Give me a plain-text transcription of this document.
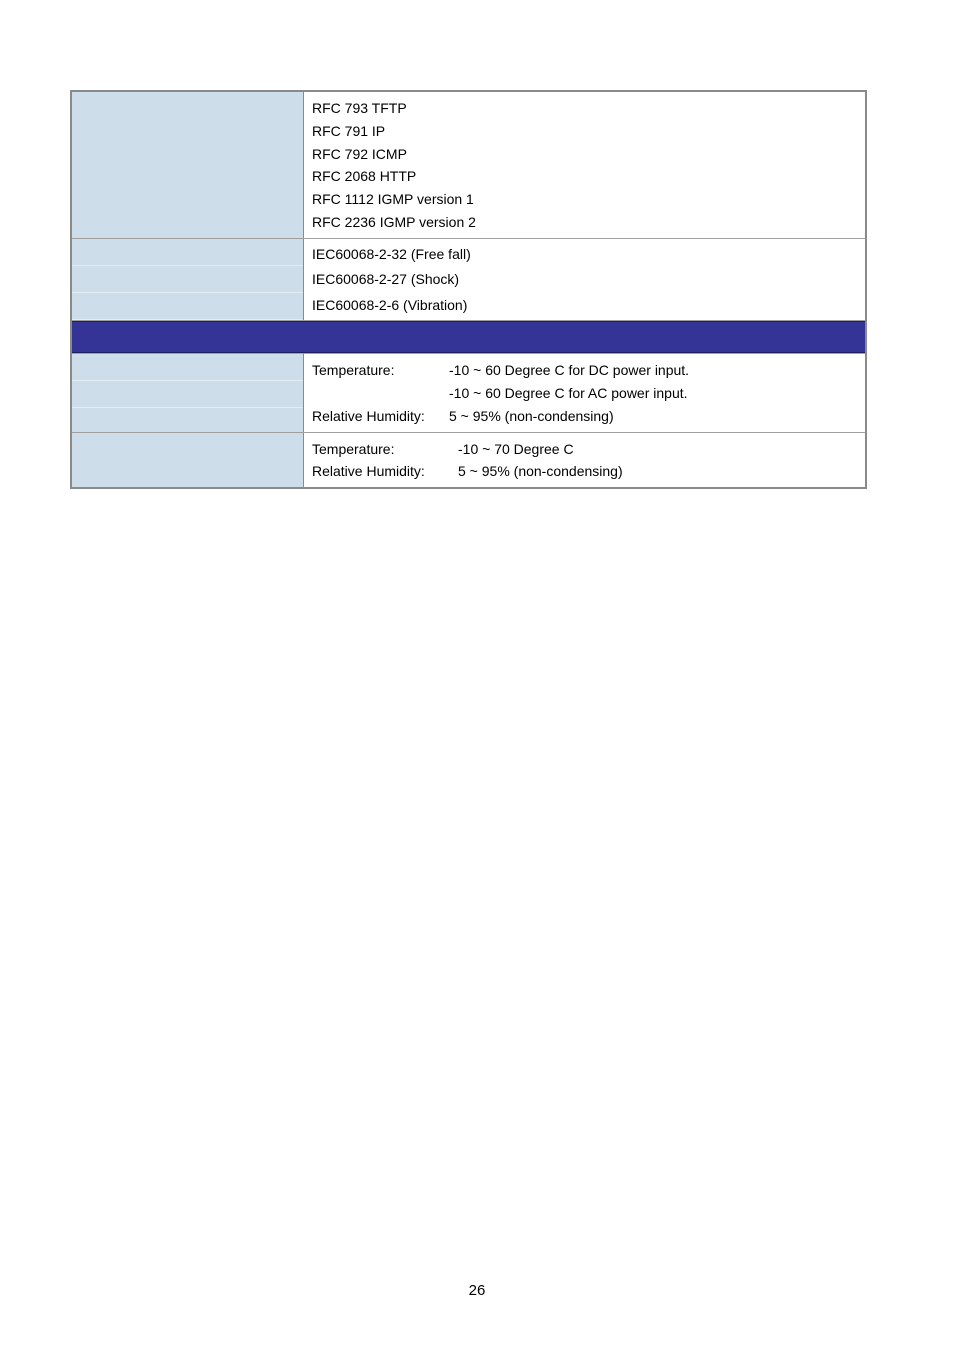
RFC 793 TFTP
RFC 791 IP
RFC 792 ICMP
RFC 2068 HTTP
RFC 1112 IGMP version 1
RFC 2236 IGMP version 2
IEC60068-2-32 (Free fall)
IEC60068-2-27 (Shock)
IEC60068-2-6 (Vibration)
Temperature:	-10 ~ 60 Degree C for DC power input.
-10 ~ 60 Degree C for AC power input.
Relative Humidity:	5 ~ 95% (non-condensing)
Temperature:	-10 ~ 70 Degree C
Relative Humidity:	5 ~ 95% (non-condensing)
26
